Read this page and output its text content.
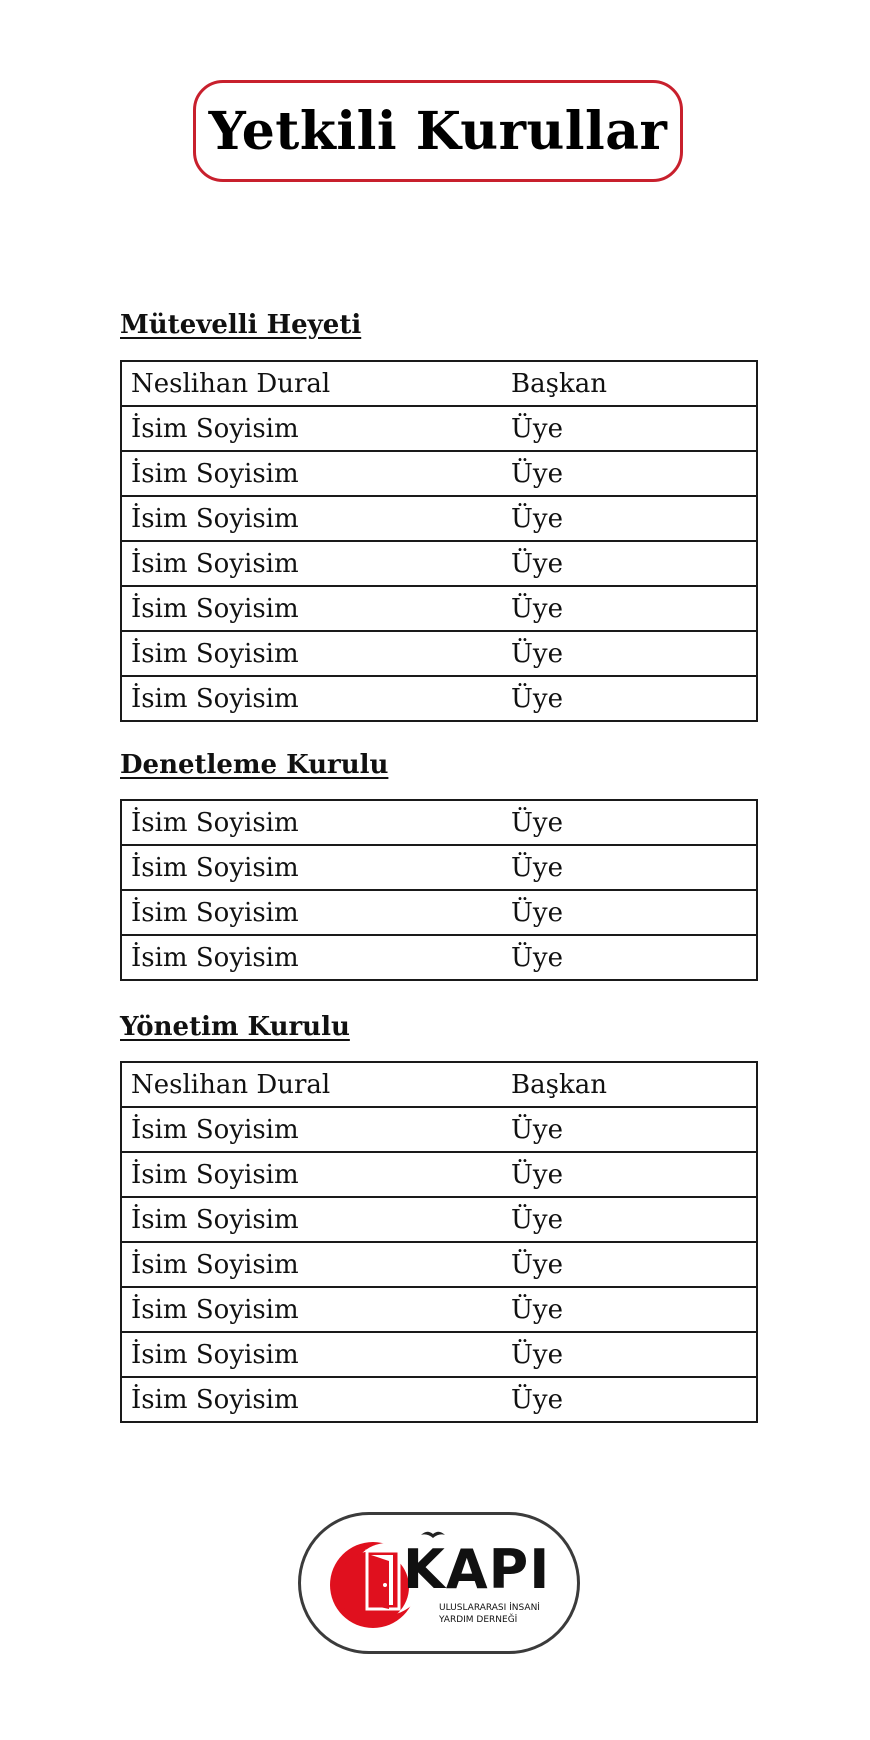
Yetkili Kurullar
Mütevelli Heyeti
Neslihan Dural	Başkan
İsim Soyisim	Üye
İsim Soyisim	Üye
İsim Soyisim	Üye
İsim Soyisim	Üye
İsim Soyisim	Üye
İsim Soyisim	Üye
İsim Soyisim	Üye
Denetleme Kurulu
İsim Soyisim	Üye
İsim Soyisim	Üye
İsim Soyisim	Üye
İsim Soyisim	Üye
Yönetim Kurulu
Neslihan Dural	Başkan
İsim Soyisim	Üye
İsim Soyisim	Üye
İsim Soyisim	Üye
İsim Soyisim	Üye
İsim Soyisim	Üye
İsim Soyisim	Üye
İsim Soyisim	Üye
KAPI
ULUSLARARASI İNSANİ
YARDIM DERNEĞİ
